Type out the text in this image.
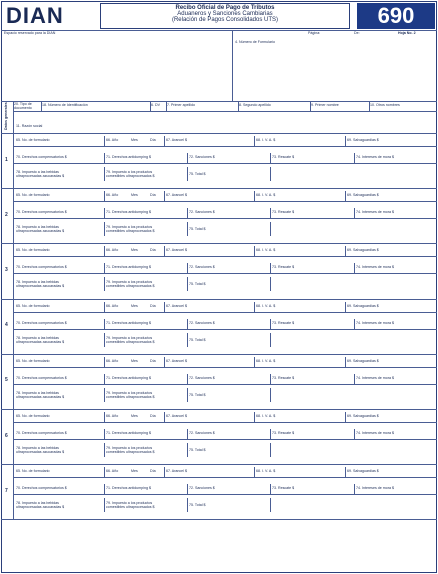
DIAN	Recibo Oficial de Pago de Tributos
Aduaneros y Sanciones Cambiarias
(Relación de Pagos Consolidados UTS)	690
Espacio reservado para la DIAN	Página:	De:	Hoja No. 2
4. Número de Formulario
Datos generales 20. Tipo de documento
18. Número de Identificación	6. DV 7. Primer apellido	8. Segundo apellido	9. Primer nombre	10. Otros nombres
11. Razón social
1
65. No. de formulario	66. Año	Mes	Día	67. Arancel $	68. I. V. A. $	69. Salvaguardias $
70. Derechos compensatorios $	71. Derechos antidumping $	72. Sanciones $	73. Rescate $	74. Intereses de mora $
78. Impuesto a las bebidas
ultraprocesadas azucaradas $
79. Impuesto a los productos
comestibles ultraprocesados $	75. Total $
2
65. No. de formulario	66. Año	Mes	Día	67. Arancel $	68. I. V. A. $	69. Salvaguardias $
70. Derechos compensatorios $	71. Derechos antidumping $	72. Sanciones $	73. Rescate $	74. Intereses de mora $
78. Impuesto a las bebidas
ultraprocesadas azucaradas $
79. Impuesto a los productos
comestibles ultraprocesados $	75. Total $
3
65. No. de formulario	66. Año	Mes	Día	67. Arancel $	68. I. V. A. $	69. Salvaguardias $
70. Derechos compensatorios $	71. Derechos antidumping $	72. Sanciones $	73. Rescate $	74. Intereses de mora $
78. Impuesto a las bebidas
ultraprocesadas azucaradas $
79. Impuesto a los productos
comestibles ultraprocesados $	75. Total $
4
65. No. de formulario	66. Año	Mes	Día	67. Arancel $	68. I. V. A. $	69. Salvaguardias $
70. Derechos compensatorios $	71. Derechos antidumping $	72. Sanciones $	73. Rescate $	74. Intereses de mora $
78. Impuesto a las bebidas
ultraprocesadas azucaradas $
79. Impuesto a los productos
comestibles ultraprocesados $	75. Total $
5
65. No. de formulario	66. Año	Mes	Día	67. Arancel $	68. I. V. A. $	69. Salvaguardias $
70. Derechos compensatorios $	71. Derechos antidumping $	72. Sanciones $	73. Rescate $	74. Intereses de mora $
78. Impuesto a las bebidas
ultraprocesadas azucaradas $
79. Impuesto a los productos
comestibles ultraprocesados $	75. Total $
6
65. No. de formulario	66. Año	Mes	Día	67. Arancel $	68. I. V. A. $	69. Salvaguardias $
70. Derechos compensatorios $	71. Derechos antidumping $	72. Sanciones $	73. Rescate $	74. Intereses de mora $
78. Impuesto a las bebidas
ultraprocesadas azucaradas $
79. Impuesto a los productos
comestibles ultraprocesados $	75. Total $
7
65. No. de formulario	66. Año	Mes	Día	67. Arancel $	68. I. V. A. $	69. Salvaguardias $
70. Derechos compensatorios $	71. Derechos antidumping $	72. Sanciones $	73. Rescate $	74. Intereses de mora $
78. Impuesto a las bebidas
ultraprocesadas azucaradas $
79. Impuesto a los productos
comestibles ultraprocesados $	75. Total $
